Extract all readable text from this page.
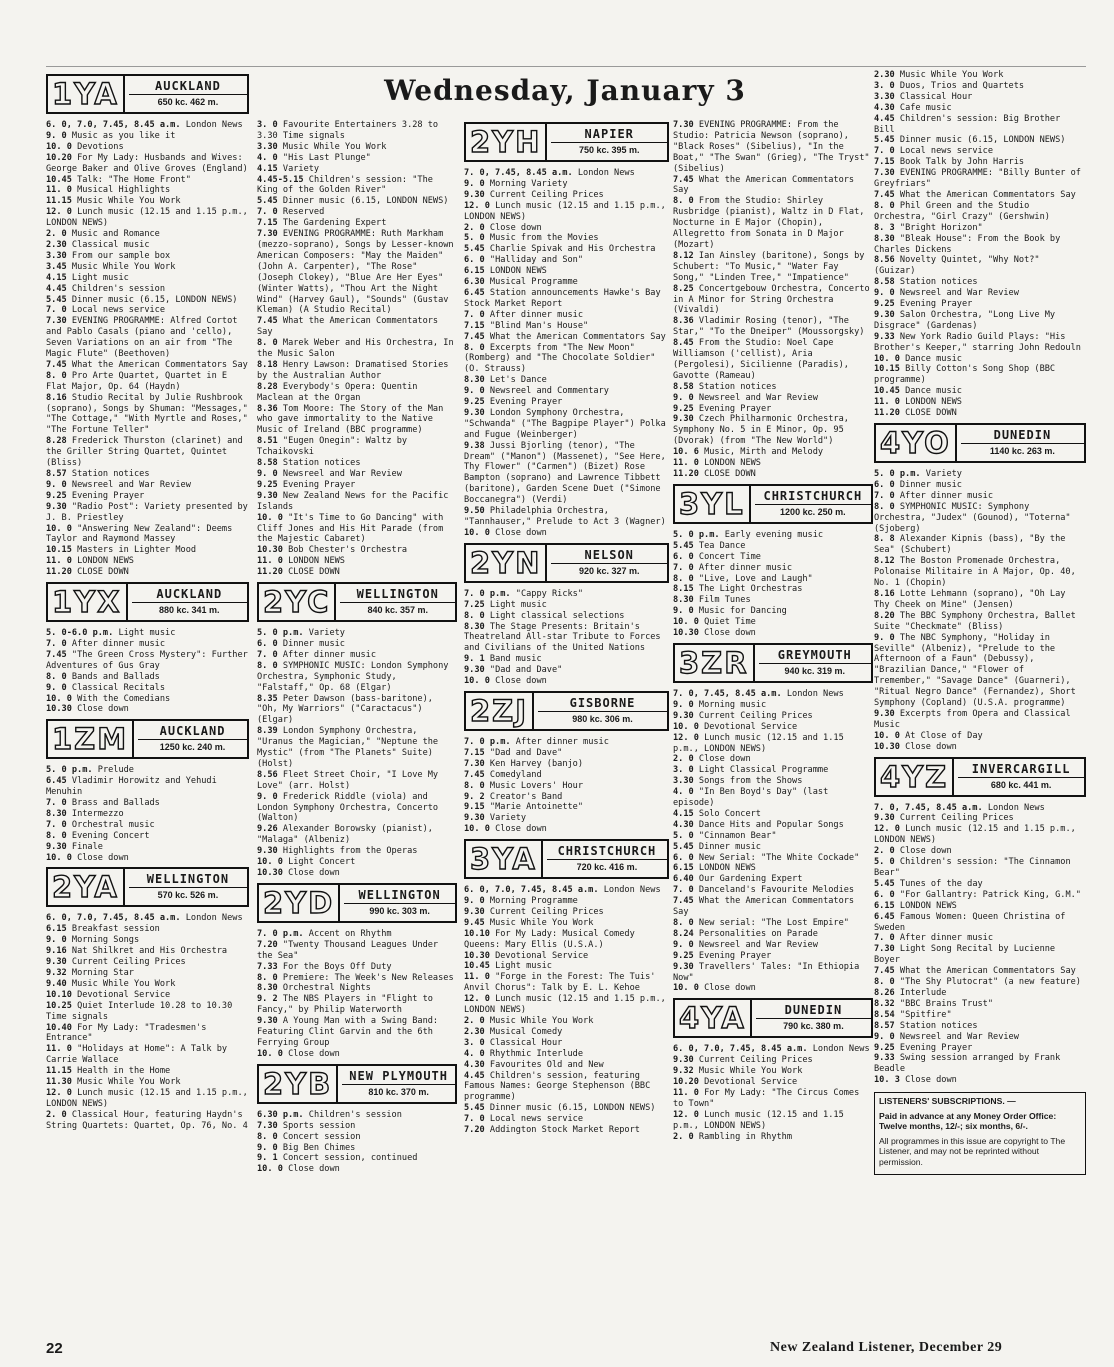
Wednesday, January 3
1YA	AUCKLAND
650 kc. 462 m.

6. 0, 7.0, 7.45, 8.45 a.m. London News

9. 0 Music as you like it

10. 0 Devotions

10.20 For My Lady: Husbands and Wives: George Baker and Olive Groves (England)

10.45 Talk: "The Home Front"

11. 0 Musical Highlights

11.15 Music While You Work

12. 0 Lunch music (12.15 and 1.15 p.m., LONDON NEWS)

2. 0 Music and Romance

2.30 Classical music

3.30 From our sample box

3.45 Music While You Work

4.15 Light music

4.45 Children's session

5.45 Dinner music (6.15, LONDON NEWS)

7. 0 Local news service

7.30 EVENING PROGRAMME: Alfred Cortot and Pablo Casals (piano and 'cello), Seven Variations on an air from "The Magic Flute" (Beethoven)

7.45 What the American Commentators Say

8. 0 Pro Arte Quartet, Quartet in E Flat Major, Op. 64 (Haydn)

8.16 Studio Recital by Julie Rushbrook (soprano), Songs by Shuman: "Messages," "The Cottage," "With Myrtle and Roses," "The Fortune Teller"

8.28 Frederick Thurston (clarinet) and the Griller String Quartet, Quintet (Bliss)

8.57 Station notices

9. 0 Newsreel and War Review

9.25 Evening Prayer

9.30 "Radio Post": Variety presented by J. B. Priestley

10. 0 "Answering New Zealand": Deems Taylor and Raymond Massey

10.15 Masters in Lighter Mood

11. 0 LONDON NEWS

11.20 CLOSE DOWN

1YX	AUCKLAND
880 kc. 341 m.

5. 0-6.0 p.m. Light music

7. 0 After dinner music

7.45 "The Green Cross Mystery": Further Adventures of Gus Gray

8. 0 Bands and Ballads

9. 0 Classical Recitals

10. 0 With the Comedians

10.30 Close down

1ZM	AUCKLAND
1250 kc. 240 m.

5. 0 p.m. Prelude

6.45 Vladimir Horowitz and Yehudi Menuhin

7. 0 Brass and Ballads

8.30 Intermezzo

7. 0 Orchestral music

8. 0 Evening Concert

9.30 Finale

10. 0 Close down

2YA	WELLINGTON
570 kc. 526 m.

6. 0, 7.0, 7.45, 8.45 a.m. London News

6.15 Breakfast session

9. 0 Morning Songs

9.16 Nat Shilkret and His Orchestra

9.30 Current Ceiling Prices

9.32 Morning Star

9.40 Music While You Work

10.10 Devotional Service

10.25 Quiet Interlude 10.28 to 10.30 Time signals

10.40 For My Lady: "Tradesmen's Entrance"

11. 0 "Holidays at Home": A Talk by Carrie Wallace

11.15 Health in the Home

11.30 Music While You Work

12. 0 Lunch music (12.15 and 1.15 p.m., LONDON NEWS)

2. 0 Classical Hour, featuring Haydn's String Quartets: Quartet, Op. 76, No. 4

3. 0 Favourite Entertainers 3.28 to 3.30 Time signals

3.30 Music While You Work

4. 0 "His Last Plunge"

4.15 Variety

4.45-5.15 Children's session: "The King of the Golden River"

5.45 Dinner music (6.15, LONDON NEWS)

7. 0 Reserved

7.15 The Gardening Expert

7.30 EVENING PROGRAMME: Ruth Markham (mezzo-soprano), Songs by Lesser-known American Composers: "May the Maiden" (John A. Carpenter), "The Rose" (Joseph Clokey), "Blue Are Her Eyes" (Winter Watts), "Thou Art the Night Wind" (Harvey Gaul), "Sounds" (Gustav Kleman) (A Studio Recital)

7.45 What the American Commentators Say

8. 0 Marek Weber and His Orchestra, In the Music Salon

8.18 Henry Lawson: Dramatised Stories by the Australian Author

8.28 Everybody's Opera: Quentin Maclean at the Organ

8.36 Tom Moore: The Story of the Man who gave immortality to the Native Music of Ireland (BBC programme)

8.51 "Eugen Onegin": Waltz by Tchaikovski

8.58 Station notices

9. 0 Newsreel and War Review

9.25 Evening Prayer

9.30 New Zealand News for the Pacific Islands

10. 0 "It's Time to Go Dancing" with Cliff Jones and His Hit Parade (from the Majestic Cabaret)

10.30 Bob Chester's Orchestra

11. 0 LONDON NEWS

11.20 CLOSE DOWN

2YC	WELLINGTON
840 kc. 357 m.

5. 0 p.m. Variety

6. 0 Dinner music

7. 0 After dinner music

8. 0 SYMPHONIC MUSIC: London Symphony Orchestra, Symphonic Study, "Falstaff," Op. 68 (Elgar)

8.35 Peter Dawson (bass-baritone), "Oh, My Warriors" ("Caractacus") (Elgar)

8.39 London Symphony Orchestra, "Uranus the Magician," "Neptune the Mystic" (from "The Planets" Suite) (Holst)

8.56 Fleet Street Choir, "I Love My Love" (arr. Holst)

9. 0 Frederick Riddle (viola) and London Symphony Orchestra, Concerto (Walton)

9.26 Alexander Borowsky (pianist), "Malaga" (Albeniz)

9.30 Highlights from the Operas

10. 0 Light Concert

10.30 Close down

2YD	WELLINGTON
990 kc. 303 m.

7. 0 p.m. Accent on Rhythm

7.20 "Twenty Thousand Leagues Under the Sea"

7.33 For the Boys Off Duty

8. 0 Premiere: The Week's New Releases

8.30 Orchestral Nights

9. 2 The NBS Players in "Flight to Fancy," by Philip Waterworth

9.30 A Young Man with a Swing Band: Featuring Clint Garvin and the 6th Ferrying Group

10. 0 Close down

2YB	NEW PLYMOUTH
810 kc. 370 m.

6.30 p.m. Children's session

7.30 Sports session

8. 0 Concert session

9. 0 Big Ben Chimes

9. 1 Concert session, continued

10. 0 Close down

2YH	NAPIER
750 kc. 395 m.

7. 0, 7.45, 8.45 a.m. London News

9. 0 Morning Variety

9.30 Current Ceiling Prices

12. 0 Lunch music (12.15 and 1.15 p.m., LONDON NEWS)

2. 0 Close down

5. 0 Music from the Movies

5.45 Charlie Spivak and His Orchestra

6. 0 "Halliday and Son"

6.15 LONDON NEWS

6.30 Musical Programme

6.45 Station announcements Hawke's Bay Stock Market Report

7. 0 After dinner music

7.15 "Blind Man's House"

7.45 What the American Commentators Say

8. 0 Excerpts from "The New Moon" (Romberg) and "The Chocolate Soldier" (O. Strauss)

8.30 Let's Dance

9. 0 Newsreel and Commentary

9.25 Evening Prayer

9.30 London Symphony Orchestra, "Schwanda" ("The Bagpipe Player") Polka and Fugue (Weinberger)

9.38 Jussi Bjorling (tenor), "The Dream" ("Manon") (Massenet), "See Here, Thy Flower" ("Carmen") (Bizet) Rose Bampton (soprano) and Lawrence Tibbett (baritone), Garden Scene Duet ("Simone Boccanegra") (Verdi)

9.50 Philadelphia Orchestra, "Tannhauser," Prelude to Act 3 (Wagner)

10. 0 Close down

2YN	NELSON
920 kc. 327 m.

7. 0 p.m. "Cappy Ricks"

7.25 Light music

8. 0 Light classical selections

8.30 The Stage Presents: Britain's Theatreland All-star Tribute to Forces and Civilians of the United Nations

9. 1 Band music

9.30 "Dad and Dave"

10. 0 Close down

2ZJ	GISBORNE
980 kc. 306 m.

7. 0 p.m. After dinner music

7.15 "Dad and Dave"

7.30 Ken Harvey (banjo)

7.45 Comedyland

8. 0 Music Lovers' Hour

9. 2 Creator's Band

9.15 "Marie Antoinette"

9.30 Variety

10. 0 Close down

3YA	CHRISTCHURCH
720 kc. 416 m.

6. 0, 7.0, 7.45, 8.45 a.m. London News

9. 0 Morning Programme

9.30 Current Ceiling Prices

9.45 Music While You Work

10.10 For My Lady: Musical Comedy Queens: Mary Ellis (U.S.A.)

10.30 Devotional Service

10.45 Light music

11. 0 "Forge in the Forest: The Tuis' Anvil Chorus": Talk by E. L. Kehoe

12. 0 Lunch music (12.15 and 1.15 p.m., LONDON NEWS)

2. 0 Music While You Work

2.30 Musical Comedy

3. 0 Classical Hour

4. 0 Rhythmic Interlude

4.30 Favourites Old and New

4.45 Children's session, featuring Famous Names: George Stephenson (BBC programme)

5.45 Dinner music (6.15, LONDON NEWS)

7. 0 Local news service

7.20 Addington Stock Market Report

7.30 EVENING PROGRAMME: From the Studio: Patricia Newson (soprano), "Black Roses" (Sibelius), "In the Boat," "The Swan" (Grieg), "The Tryst" (Sibelius)

7.45 What the American Commentators Say

8. 0 From the Studio: Shirley Rusbridge (pianist), Waltz in D Flat, Nocturne in E Major (Chopin), Allegretto from Sonata in D Major (Mozart)

8.12 Ian Ainsley (baritone), Songs by Schubert: "To Music," "Water Fay Song," "Linden Tree," "Impatience"

8.25 Concertgebouw Orchestra, Concerto in A Minor for String Orchestra (Vivaldi)

8.36 Vladimir Rosing (tenor), "The Star," "To the Dneiper" (Moussorgsky)

8.45 From the Studio: Noel Cape Williamson ('cellist), Aria (Pergolesi), Sicilienne (Paradis), Gavotte (Rameau)

8.58 Station notices

9. 0 Newsreel and War Review

9.25 Evening Prayer

9.30 Czech Philharmonic Orchestra, Symphony No. 5 in E Minor, Op. 95 (Dvorak) (from "The New World")

10. 6 Music, Mirth and Melody

11. 0 LONDON NEWS

11.20 CLOSE DOWN

3YL	CHRISTCHURCH
1200 kc. 250 m.

5. 0 p.m. Early evening music

5.45 Tea Dance

6. 0 Concert Time

7. 0 After dinner music

8. 0 "Live, Love and Laugh"

8.15 The Light Orchestras

8.30 Film Tunes

9. 0 Music for Dancing

10. 0 Quiet Time

10.30 Close down

3ZR	GREYMOUTH
940 kc. 319 m.

7. 0, 7.45, 8.45 a.m. London News

9. 0 Morning music

9.30 Current Ceiling Prices

10. 0 Devotional Service

12. 0 Lunch music (12.15 and 1.15 p.m., LONDON NEWS)

2. 0 Close down

3. 0 Light Classical Programme

3.30 Songs from the Shows

4. 0 "In Ben Boyd's Day" (last episode)

4.15 Solo Concert

4.30 Dance Hits and Popular Songs

5. 0 "Cinnamon Bear"

5.45 Dinner music

6. 0 New Serial: "The White Cockade"

6.15 LONDON NEWS

6.40 Our Gardening Expert

7. 0 Danceland's Favourite Melodies

7.45 What the American Commentators Say

8. 0 New serial: "The Lost Empire"

8.24 Personalities on Parade

9. 0 Newsreel and War Review

9.25 Evening Prayer

9.30 Travellers' Tales: "In Ethiopia Now"

10. 0 Close down

4YA	DUNEDIN
790 kc. 380 m.

6. 0, 7.0, 7.45, 8.45 a.m. London News

9.30 Current Ceiling Prices

9.32 Music While You Work

10.20 Devotional Service

11. 0 For My Lady: "The Circus Comes to Town"

12. 0 Lunch music (12.15 and 1.15 p.m., LONDON NEWS)

2. 0 Rambling in Rhythm

2.30 Music While You Work

3. 0 Duos, Trios and Quartets

3.30 Classical Hour

4.30 Cafe music

4.45 Children's session: Big Brother Bill

5.45 Dinner music (6.15, LONDON NEWS)

7. 0 Local news service

7.15 Book Talk by John Harris

7.30 EVENING PROGRAMME: "Billy Bunter of Greyfriars"

7.45 What the American Commentators Say

8. 0 Phil Green and the Studio Orchestra, "Girl Crazy" (Gershwin)

8. 3 "Bright Horizon"

8.30 "Bleak House": From the Book by Charles Dickens

8.56 Novelty Quintet, "Why Not?" (Guizar)

8.58 Station notices

9. 0 Newsreel and War Review

9.25 Evening Prayer

9.30 Salon Orchestra, "Long Live My Disgrace" (Gardenas)

9.33 New York Radio Guild Plays: "His Brother's Keeper," starring John Redouln

10. 0 Dance music

10.15 Billy Cotton's Song Shop (BBC programme)

10.45 Dance music

11. 0 LONDON NEWS

11.20 CLOSE DOWN

4YO	DUNEDIN
1140 kc. 263 m.

5. 0 p.m. Variety

6. 0 Dinner music

7. 0 After dinner music

8. 0 SYMPHONIC MUSIC: Symphony Orchestra, "Judex" (Gounod), "Toterna" (Sjoberg)

8. 8 Alexander Kipnis (bass), "By the Sea" (Schubert)

8.12 The Boston Promenade Orchestra, Polonaise Militaire in A Major, Op. 40, No. 1 (Chopin)

8.16 Lotte Lehmann (soprano), "Oh Lay Thy Cheek on Mine" (Jensen)

8.20 The BBC Symphony Orchestra, Ballet Suite "Checkmate" (Bliss)

9. 0 The NBC Symphony, "Holiday in Seville" (Albeniz), "Prelude to the Afternoon of a Faun" (Debussy), "Brazilian Dance," "Flower of Tremember," "Savage Dance" (Guarneri), "Ritual Negro Dance" (Fernandez), Short Symphony (Copland) (U.S.A. programme)

9.30 Excerpts from Opera and Classical Music

10. 0 At Close of Day

10.30 Close down

4YZ	INVERCARGILL
680 kc. 441 m.

7. 0, 7.45, 8.45 a.m. London News

9.30 Current Ceiling Prices

12. 0 Lunch music (12.15 and 1.15 p.m., LONDON NEWS)

2. 0 Close down

5. 0 Children's session: "The Cinnamon Bear"

5.45 Tunes of the day

6. 0 "For Gallantry: Patrick King, G.M."

6.15 LONDON NEWS

6.45 Famous Women: Queen Christina of Sweden

7. 0 After dinner music

7.30 Light Song Recital by Lucienne Boyer

7.45 What the American Commentators Say

8. 0 "The Shy Plutocrat" (a new feature)

8.26 Interlude

8.32 "BBC Brains Trust"

8.54 "Spitfire"

8.57 Station notices

9. 0 Newsreel and War Review

9.25 Evening Prayer

9.33 Swing session arranged by Frank Beadle

10. 3 Close down

LISTENERS' SUBSCRIPTIONS. —

Paid in advance at any Money Order Office: Twelve months, 12/-; six months, 6/-.

All programmes in this issue are copyright to The Listener, and may not be reprinted without permission.

22	New Zealand Listener, December 29
